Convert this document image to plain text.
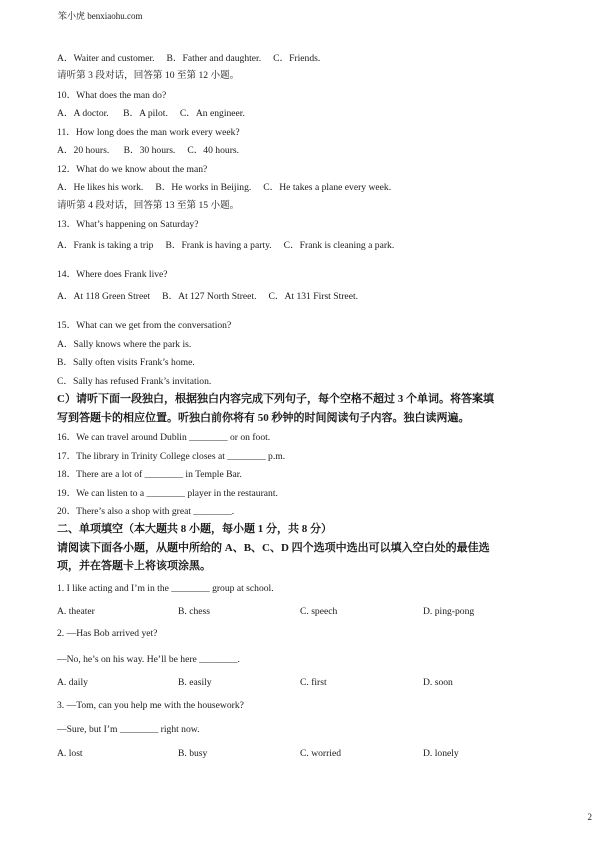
笨小虎 benxiaohu.com

A．Waiter and customer.     B．Father and daughter.     C．Friends.

请听第 3 段对话，回答第 10 至第 12 小题。

10．What does the man do?

A．A doctor.      B．A pilot.     C．An engineer.

11．How long does the man work every week?

A．20 hours.      B．30 hours.     C．40 hours.

12．What do we know about the man?

A．He likes his work.     B．He works in Beijing.     C．He takes a plane every week.

请听第 4 段对话，回答第 13 至第 15 小题。

13．What’s happening on Saturday?

A．Frank is taking a trip     B．Frank is having a party.     C．Frank is cleaning a park.

14．Where does Frank live?

A．At 118 Green Street     B．At 127 North Street.     C．At 131 First Street.

15．What can we get from the conversation?

A．Sally knows where the park is.

B．Sally often visits Frank’s home.

C．Sally has refused Frank’s invitation.

C）请听下面一段独白，根据独白内容完成下列句子，每个空格不超过 3 个单词。将答案填

写到答题卡的相应位置。听独白前你将有 50 秒钟的时间阅读句子内容。独白读两遍。

16．We can travel around Dublin ________ or on foot.

17．The library in Trinity College closes at ________ p.m.

18．There are a lot of ________ in Temple Bar.

19．We can listen to a ________ player in the restaurant.

20．There’s also a shop with great ________.

二、单项填空（本大题共 8 小题，每小题 1 分，共 8 分）

请阅读下面各小题，从题中所给的 A、B、C、D 四个选项中选出可以填入空白处的最佳选

项，并在答题卡上将该项涂黑。

1. I like acting and I’m in the ________ group at school.

2. —Has Bob arrived yet?

—No, he’s on his way. He’ll be here ________.

3. —Tom, can you help me with the housework?

—Sure, but I’m ________ right now.

A. theater	B. chess	C. speech	D. ping-pong
A. daily	B. easily	C. first	D. soon
A. lost	B. busy	C. worried	D. lonely
2
